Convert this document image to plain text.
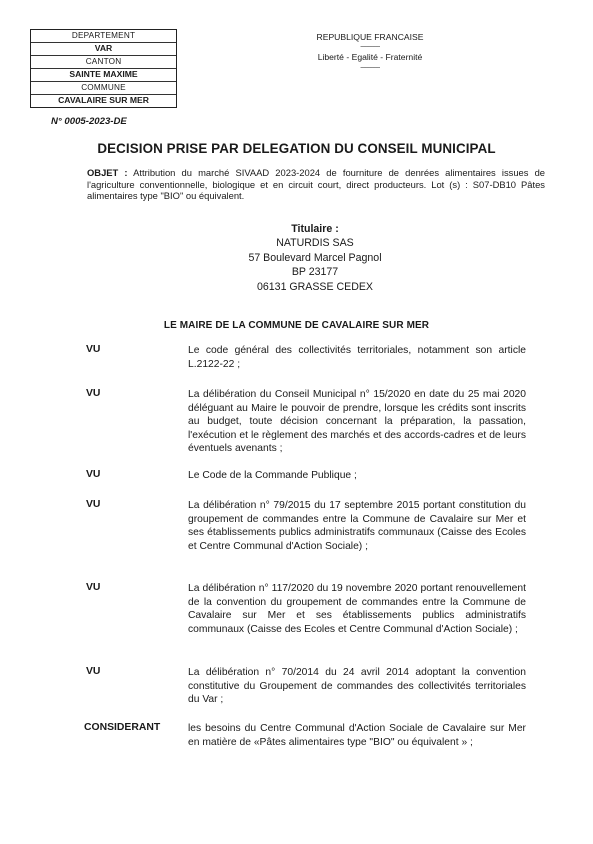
DEPARTEMENT
VAR
CANTON
SAINTE MAXIME
COMMUNE
CAVALAIRE SUR MER
REPUBLIQUE FRANCAISE
-------------
Liberté - Egalité - Fraternité
-------------
N° 0005-2023-DE
DECISION PRISE PAR DELEGATION DU CONSEIL MUNICIPAL
OBJET : Attribution du marché SIVAAD 2023-2024 de fourniture de denrées alimentaires issues de l'agriculture conventionnelle, biologique et en circuit court, direct producteurs. Lot (s) : S07-DB10 Pâtes alimentaires type "BIO" ou équivalent.
Titulaire :
NATURDIS SAS
57 Boulevard Marcel Pagnol
BP 23177
06131 GRASSE CEDEX
LE MAIRE DE LA COMMUNE DE CAVALAIRE SUR MER
VU	Le code général des collectivités territoriales, notamment son article L.2122-22 ;
VU	La délibération du Conseil Municipal n° 15/2020 en date du 25 mai 2020 déléguant au Maire le pouvoir de prendre, lorsque les crédits sont inscrits au budget, toute décision concernant la préparation, la passation, l'exécution et le règlement des marchés et des accords-cadres et de leurs éventuels avenants ;
VU	Le Code de la Commande Publique ;
VU	La délibération n° 79/2015 du 17 septembre 2015 portant constitution du groupement de commandes entre la Commune de Cavalaire sur Mer et ses établissements publics administratifs communaux (Caisse des Ecoles et Centre Communal d'Action Sociale) ;
VU	La délibération n° 117/2020 du 19 novembre 2020 portant renouvellement de la convention du groupement de commandes entre la Commune de Cavalaire sur Mer et ses établissements publics administratifs communaux (Caisse des Ecoles et Centre Communal d'Action Sociale) ;
VU	La délibération n° 70/2014 du 24 avril 2014 adoptant la convention constitutive du Groupement de commandes des collectivités territoriales du Var ;
CONSIDERANT	les besoins du Centre Communal d'Action Sociale de Cavalaire sur Mer en matière de «Pâtes alimentaires type "BIO" ou équivalent » ;
